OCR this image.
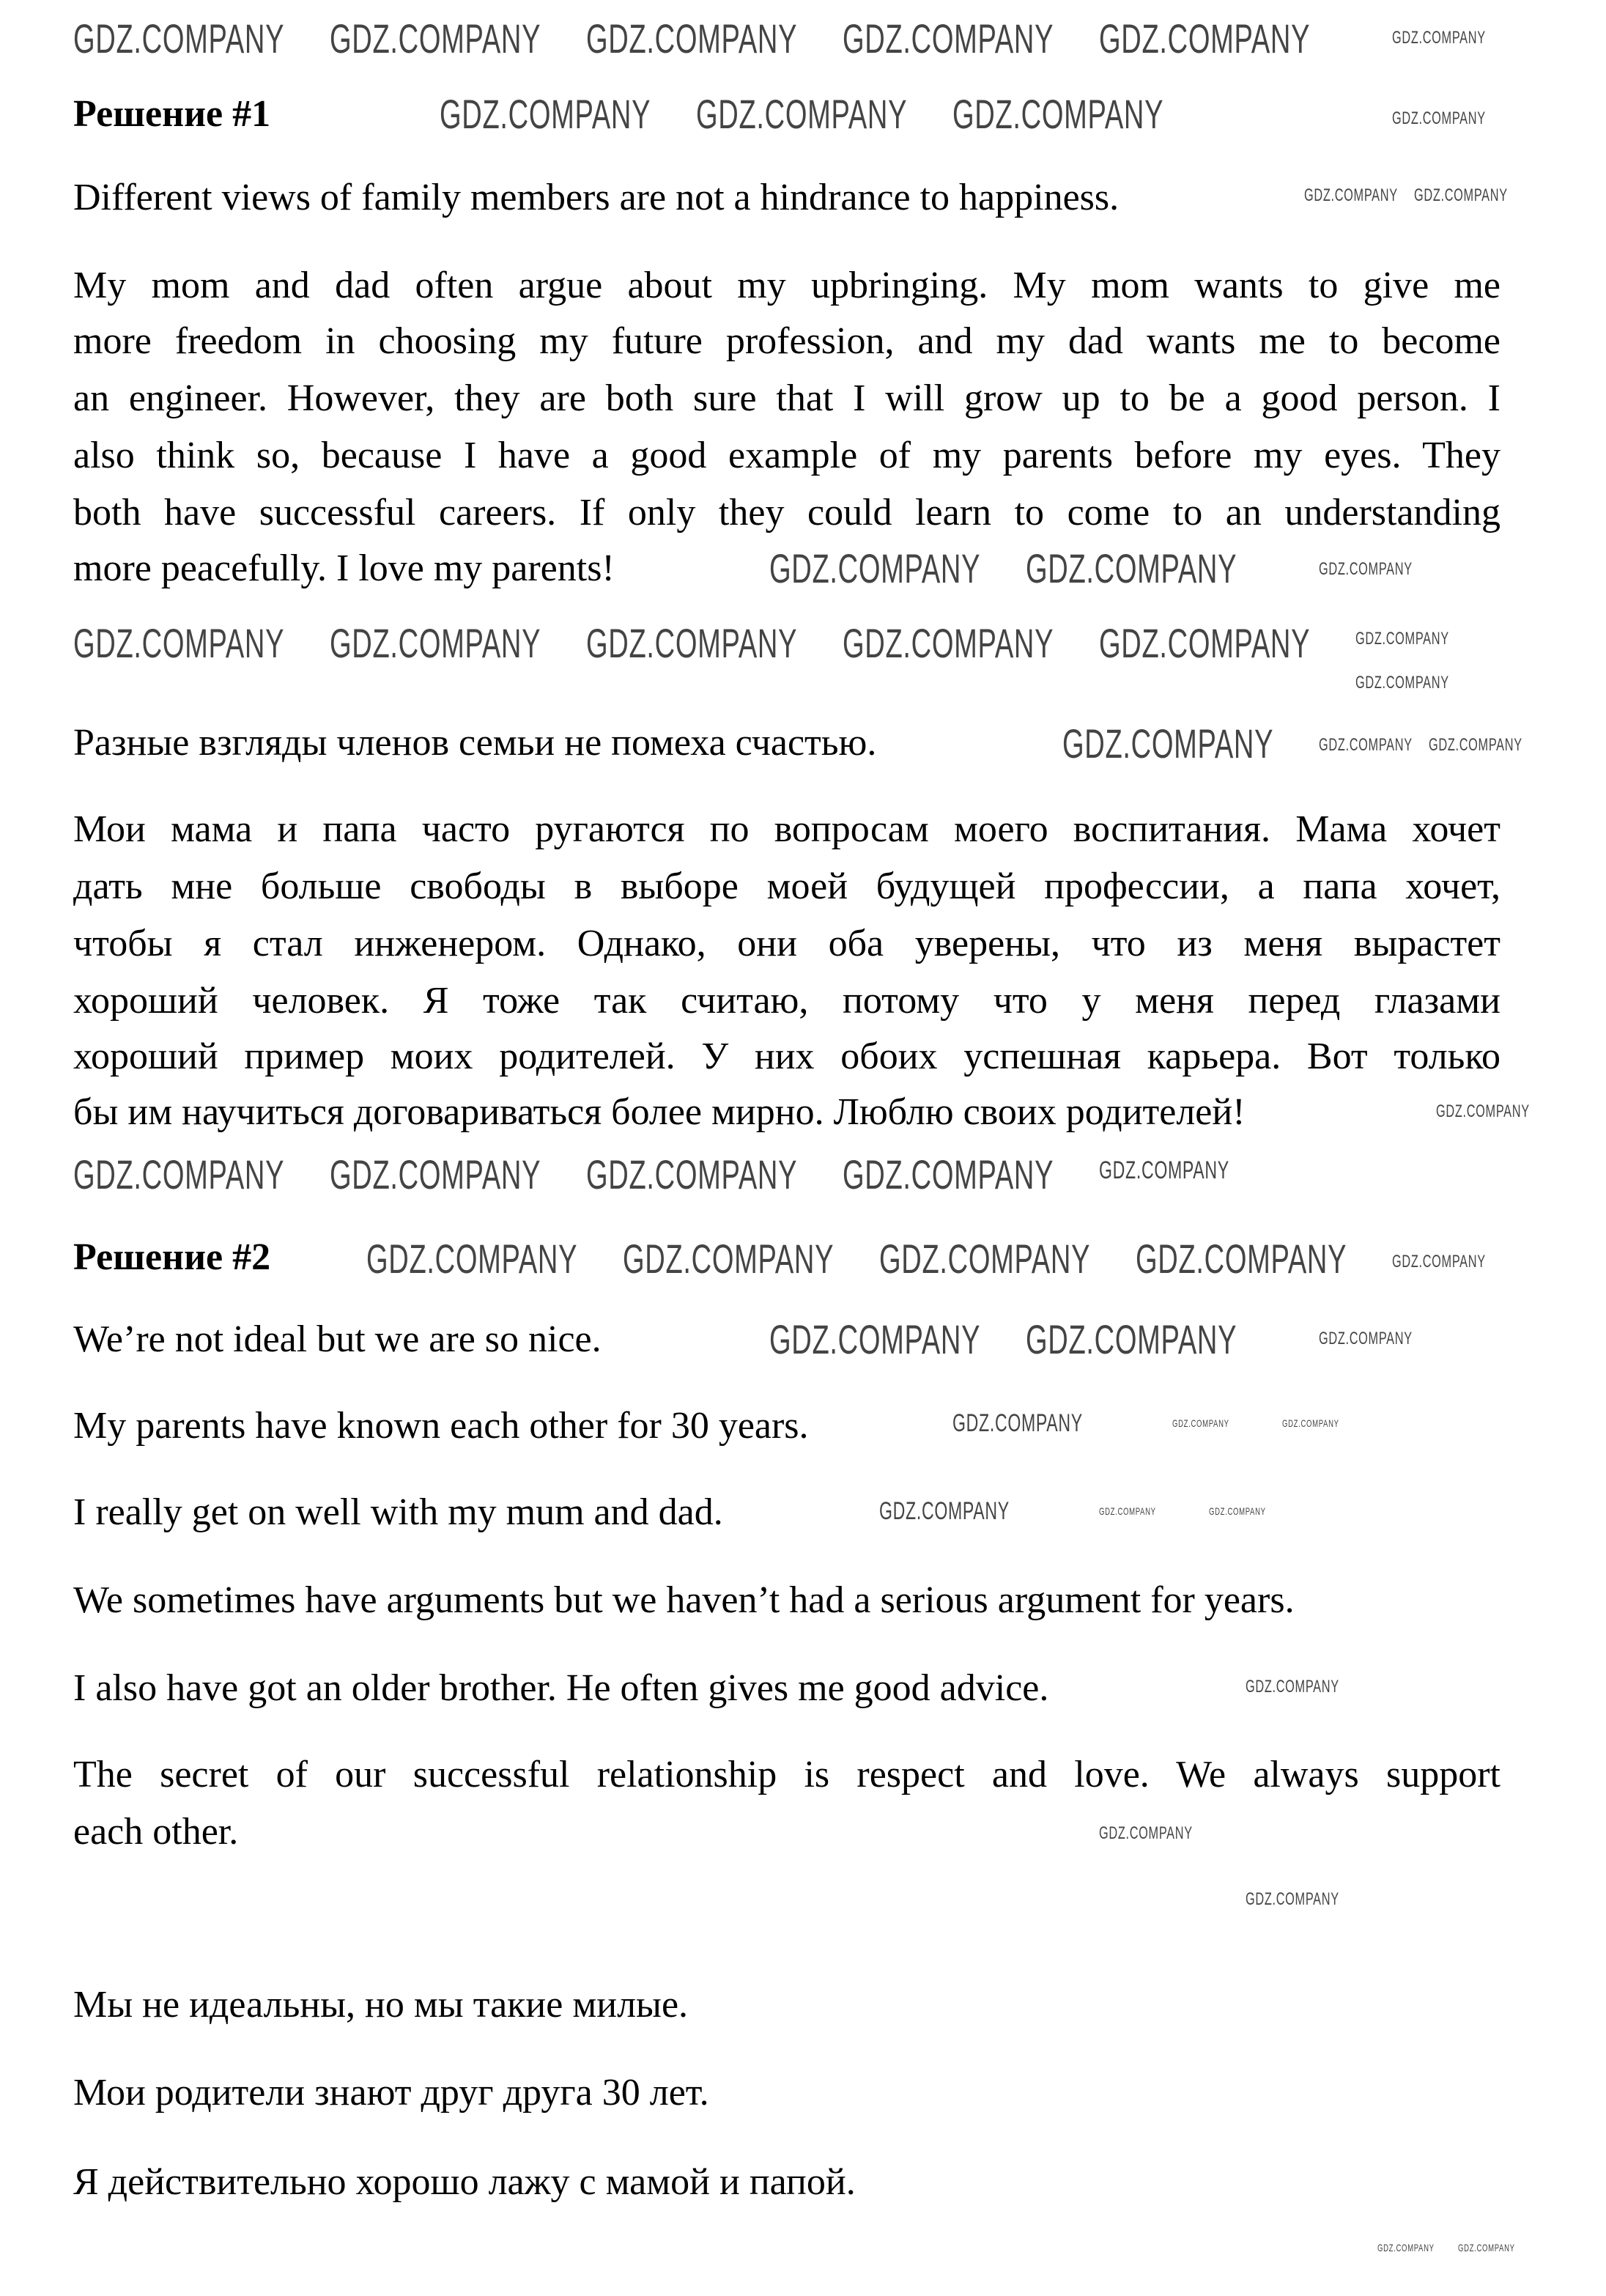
Решение #1
Different views of family members are not a hindrance to happiness.
My mom and dad often argue about my upbringing. My mom wants to give me
more freedom in choosing my future profession, and my dad wants me to become
an engineer. However, they are both sure that I will grow up to be a good person. I
also think so, because I have a good example of my parents before my eyes. They
both have successful careers. If only they could learn to come to an understanding
more peacefully. I love my parents!
Разные взгляды членов семьи не помеха счастью.
Мои мама и папа часто ругаются по вопросам моего воспитания. Мама хочет
дать мне больше свободы в выборе моей будущей профессии, а папа хочет,
чтобы я стал инженером. Однако, они оба уверены, что из меня вырастет
хороший человек. Я тоже так считаю, потому что у меня перед глазами
хороший пример моих родителей. У них обоих успешная карьера. Вот только
бы им научиться договариваться более мирно. Люблю своих родителей!
Решение #2
We’re not ideal but we are so nice.
My parents have known each other for 30 years.
I really get on well with my mum and dad.
We sometimes have arguments but we haven’t had a serious argument for years.
I also have got an older brother. He often gives me good advice.
The secret of our successful relationship is respect and love. We always support
each other.
Мы не идеальны, но мы такие милые.
Мои родители знают друг друга 30 лет.
Я действительно хорошо лажу с мамой и папой.
GDZ.COMPANY GDZ.COMPANY GDZ.COMPANY GDZ.COMPANY GDZ.COMPANY	GDZ.COMPANY
GDZ.COMPANY GDZ.COMPANY GDZ.COMPANY	GDZ.COMPANY
GDZ.COMPANY GDZ.COMPANY
GDZ.COMPANY GDZ.COMPANY	GDZ.COMPANY
GDZ.COMPANY GDZ.COMPANY GDZ.COMPANY GDZ.COMPANY GDZ.COMPANY	GDZ.COMPANY
GDZ.COMPANY
GDZ.COMPANY	GDZ.COMPANY GDZ.COMPANY
GDZ.COMPANY
GDZ.COMPANY GDZ.COMPANY GDZ.COMPANY GDZ.COMPANY GDZ.COMPANY
GDZ.COMPANY GDZ.COMPANY GDZ.COMPANY GDZ.COMPANY	GDZ.COMPANY
GDZ.COMPANY GDZ.COMPANY	GDZ.COMPANY
GDZ.COMPANY	GDZ.COMPANY	GDZ.COMPANY
GDZ.COMPANY	GDZ.COMPANY	GDZ.COMPANY
GDZ.COMPANY
GDZ.COMPANY
GDZ.COMPANY
GDZ.COMPANY GDZ.COMPANY
